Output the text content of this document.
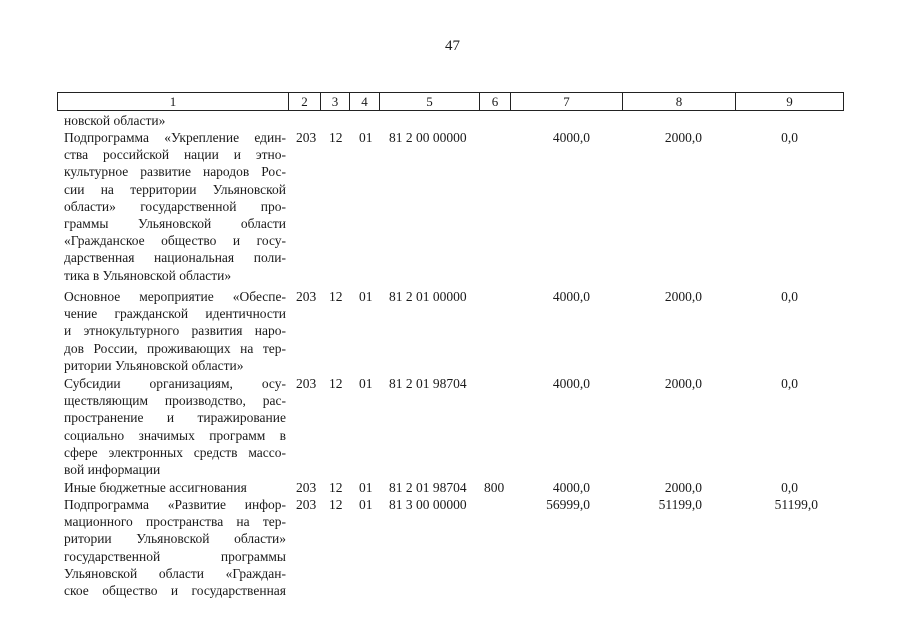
47
1	2	3	4	5	6	7	8	9
новской области»
Подпрограмма «Укрепление един-
ства российской нации и этно-
культурное развитие народов Рос-
сии на территории Ульяновской
области» государственной про-
граммы Ульяновской области
«Гражданское общество и госу-
дарственная национальная поли-
тика в Ульяновской области»
203 12 01 81 2 00 00000	4000,0	2000,0	0,0
Основное мероприятие «Обеспе-
чение гражданской идентичности
и этнокультурного развития наро-
дов России, проживающих на тер-
ритории Ульяновской области»
203 12 01 81 2 01 00000	4000,0	2000,0	0,0
Субсидии организациям, осу-
ществляющим производство, рас-
пространение и тиражирование
социально значимых программ в
сфере электронных средств массо-
вой информации
203 12 01 81 2 01 98704	4000,0	2000,0	0,0
Иные бюджетные ассигнования	203 12 01 81 2 01 98704 800	4000,0	2000,0	0,0
Подпрограмма «Развитие инфор-
мационного пространства на тер-
ритории Ульяновской области»
государственной программы
Ульяновской области «Граждан-
ское общество и государственная
203 12 01 81 3 00 00000	56999,0	51199,0	51199,0
